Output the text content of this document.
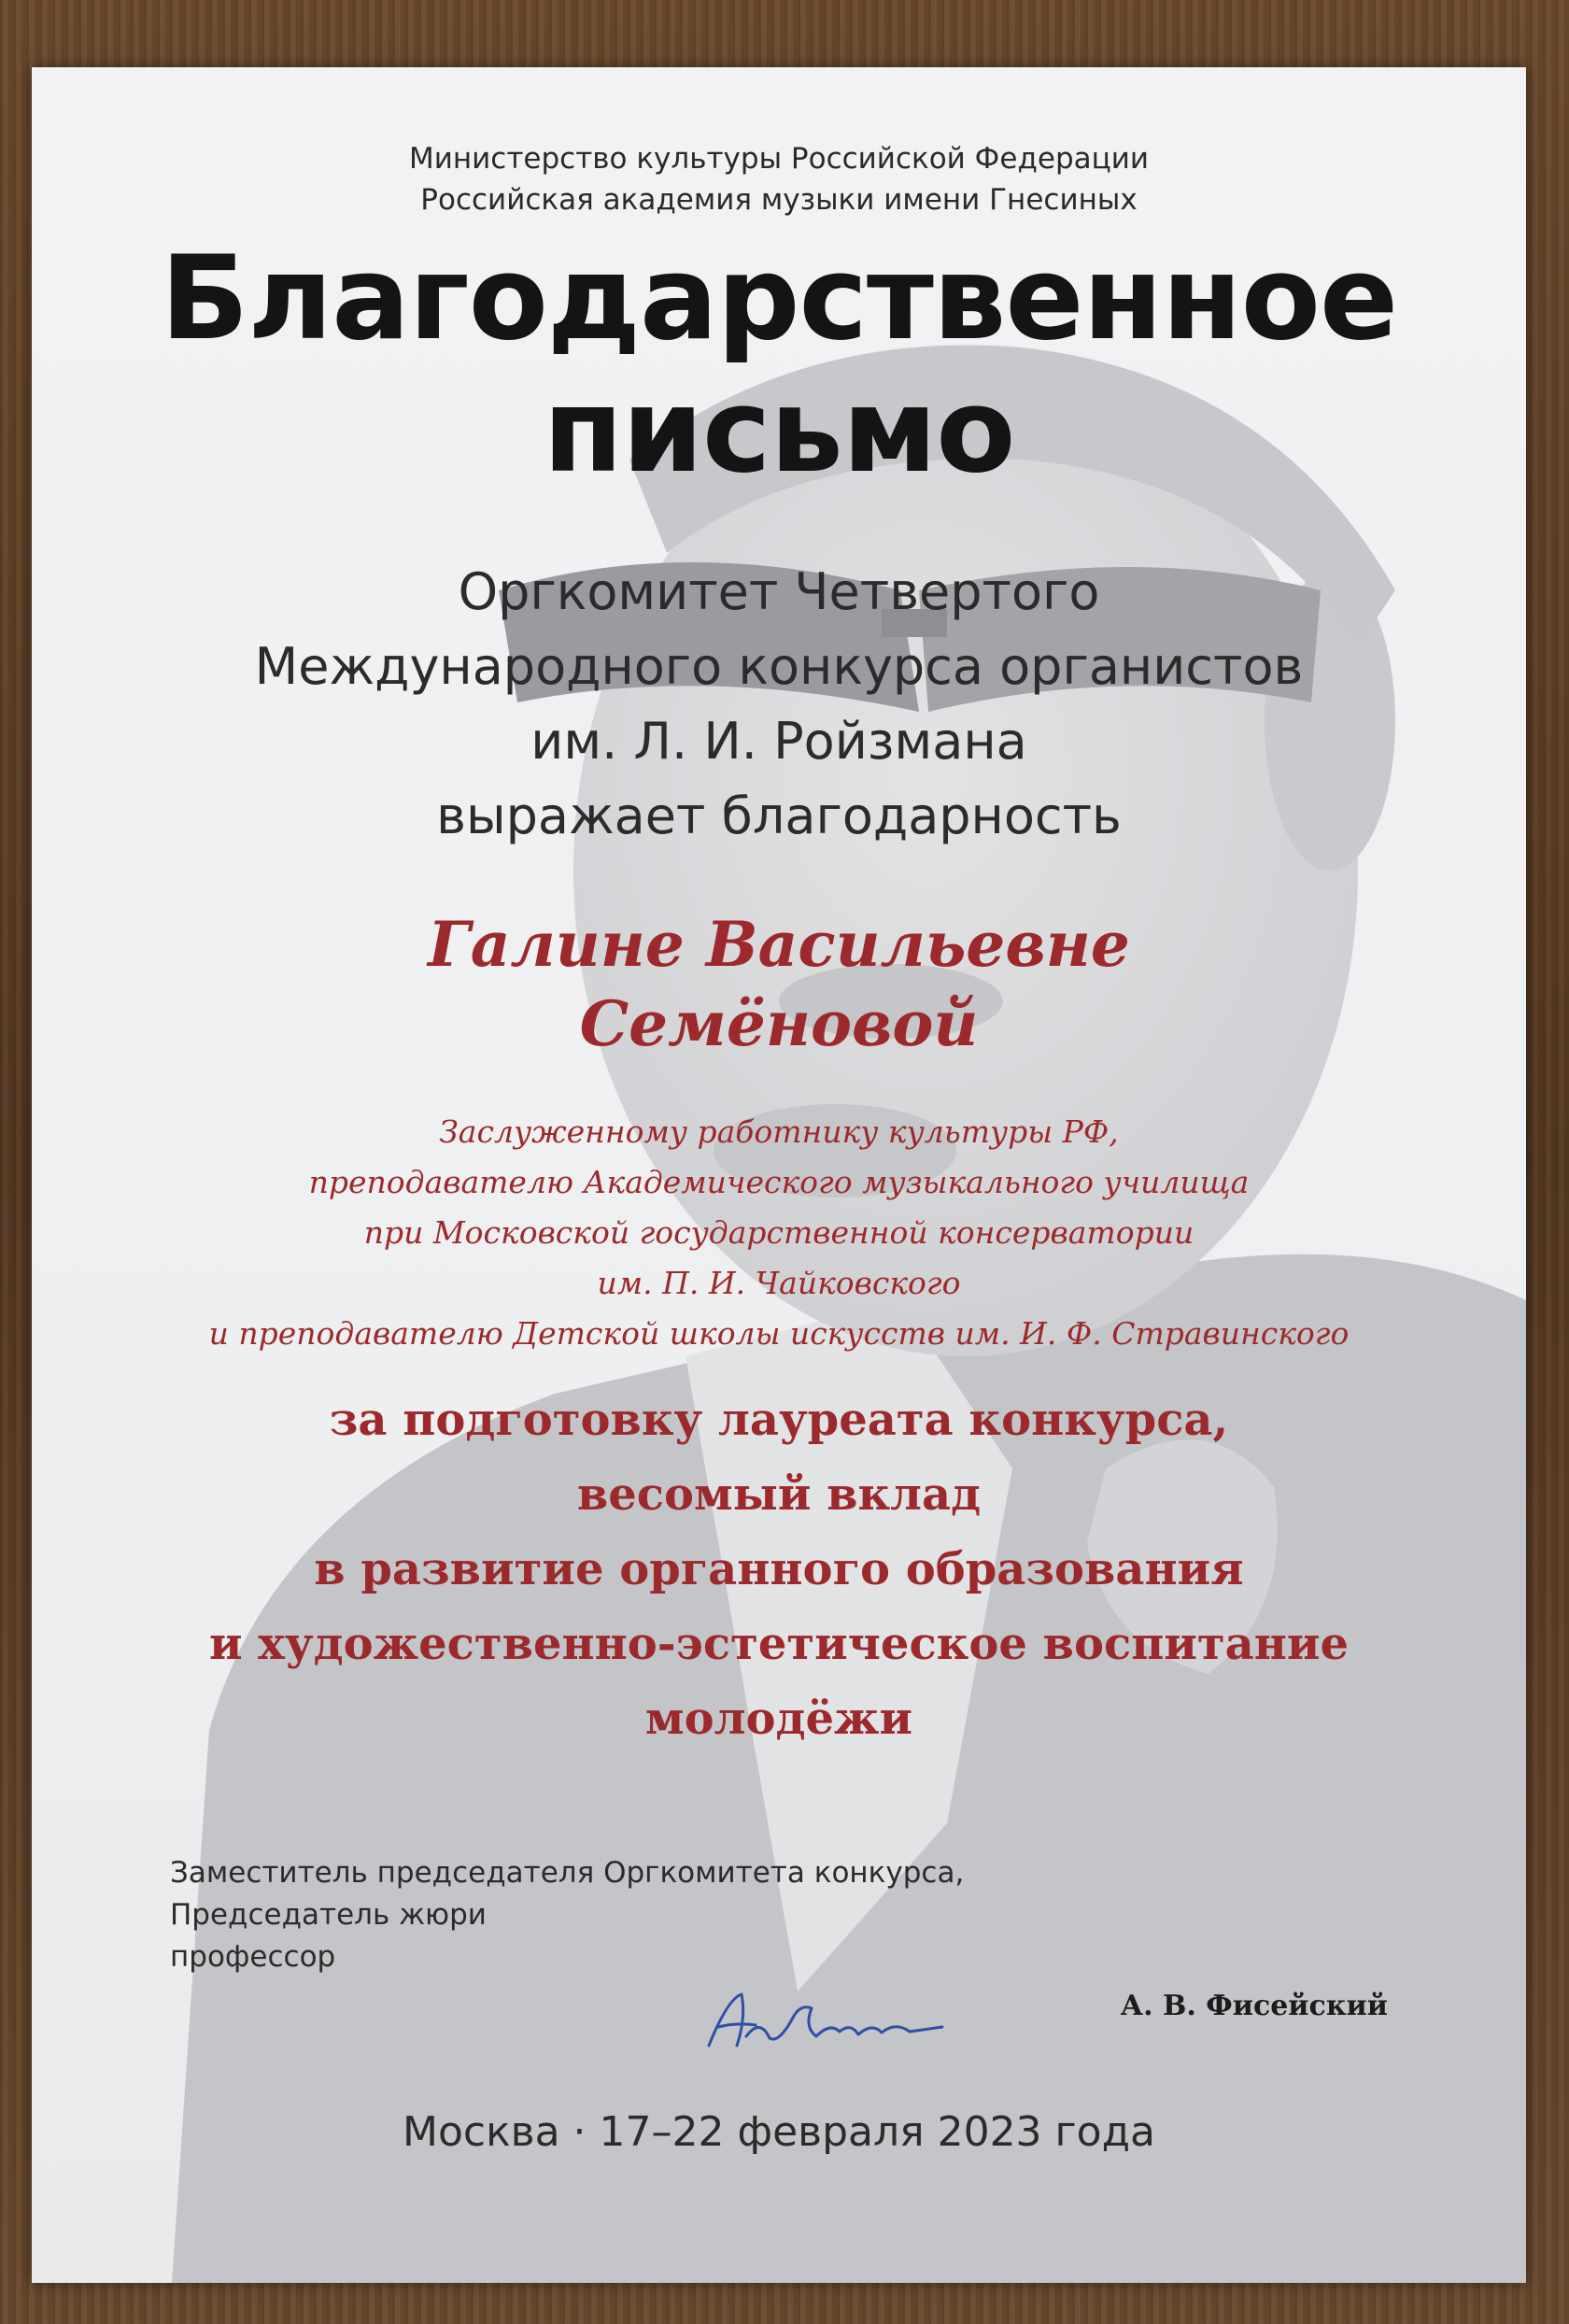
Министерство культуры Российской Федерации
Российская академия музыки имени Гнесиных
Благодарственное
письмо
Оргкомитет Четвертого
Международного конкурса органистов
им. Л. И. Ройзмана
выражает благодарность
Галине Васильевне
Семёновой
Заслуженному работнику культуры РФ,
преподавателю Академического музыкального училища
при Московской государственной консерватории
им. П. И. Чайковского
и преподавателю Детской школы искусств им. И. Ф. Стравинского
за подготовку лауреата конкурса,
весомый вклад
в развитие органного образования
и художественно-эстетическое воспитание
молодёжи
Заместитель председателя Оргкомитета конкурса,
Председатель жюри
профессор
А. В. Фисейский
Москва · 17–22 февраля 2023 года
